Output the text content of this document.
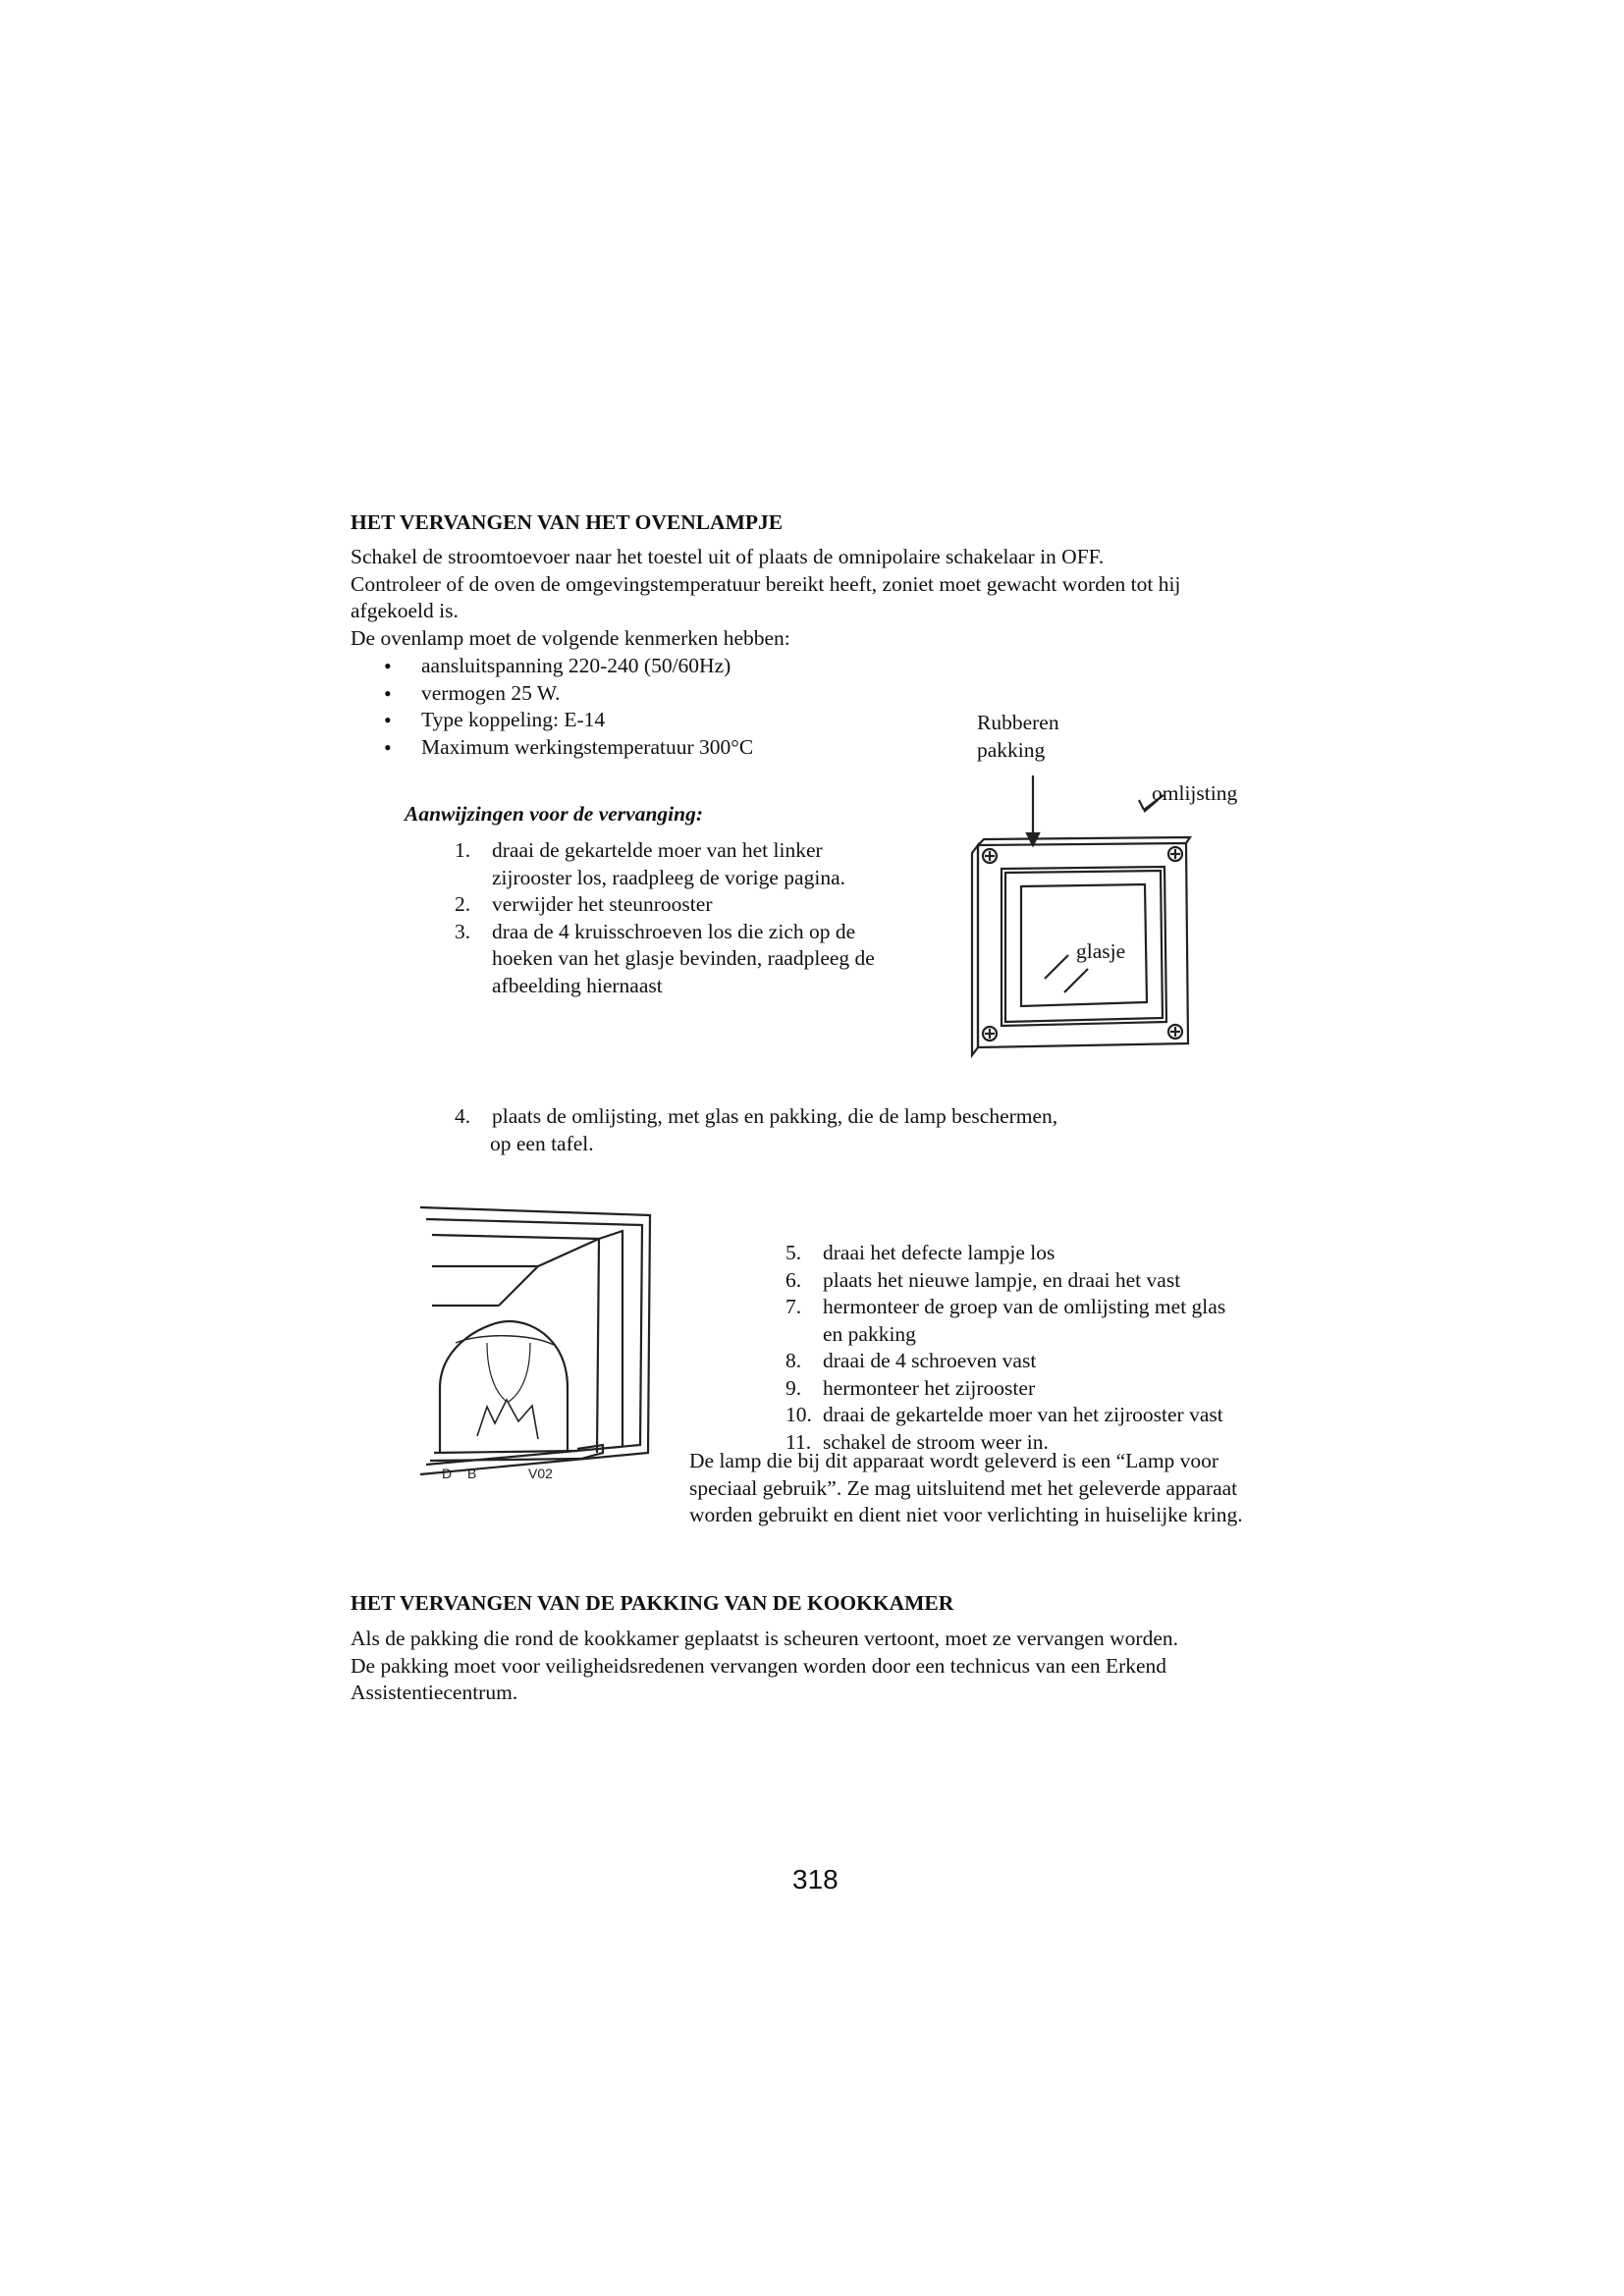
HET VERVANGEN VAN HET OVENLAMPJE

Schakel de stroomtoevoer naar het toestel uit of plaats de omnipolaire schakelaar in OFF.

Controleer of de oven de omgevingstemperatuur bereikt heeft, zoniet moet gewacht worden tot hij

afgekoeld is.

De ovenlamp moet de volgende kenmerken hebben:

• aansluitspanning 220-240 (50/60Hz)
• vermogen 25 W.
• Type koppeling: E-14
• Maximum werkingstemperatuur 300°C
Aanwijzingen voor de vervanging:
1. draai de gekartelde moer van het linker

zijrooster los, raadpleeg de vorige pagina.

2. verwijder het steunrooster

3. draa de 4 kruisschroeven los die zich op de

hoeken van het glasje bevinden, raadpleeg de

afbeelding hiernaast

Rubberen
pakking
omlijsting
glasje
4. plaats de omlijsting, met glas en pakking, die de lamp beschermen,

op een tafel.

D B	V02
5. draai het defecte lampje los

6. plaats het nieuwe lampje, en draai het vast

7. hermonteer de groep van de omlijsting met glas

en pakking

8. draai de 4 schroeven vast

9. hermonteer het zijrooster

10. draai de gekartelde moer van het zijrooster vast

11. schakel de stroom weer in.

De lamp die bij dit apparaat wordt geleverd is een “Lamp voor

speciaal gebruik”. Ze mag uitsluitend met het geleverde apparaat

worden gebruikt en dient niet voor verlichting in huiselijke kring.

HET VERVANGEN VAN DE PAKKING VAN DE KOOKKAMER

Als de pakking die rond de kookkamer geplaatst is scheuren vertoont, moet ze vervangen worden.

De pakking moet voor veiligheidsredenen vervangen worden door een technicus van een Erkend

Assistentiecentrum.

318
